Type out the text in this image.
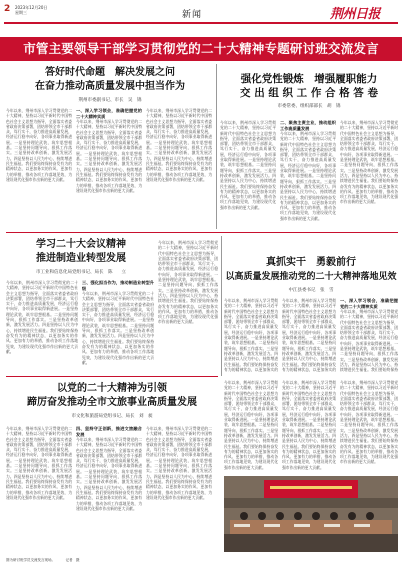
2 2023年12月20日
星期三	新闻	荆州日报
市管主要领导干部学习贯彻党的二十大精神专题研讨班交流发言
答好时代命题　解决发展之问
在奋力推动高质量发展中担当作为
荆州市委副书记、市长　吴　锦
今年以来，荆州市深入学习贯彻党的二十大精神，坚持以习近平新时代中国特色社会主义思想为指导，全面落实省委省政府决策部署，团结带领全市干部群众，笃行实干，奋力推进高质量发展，经济运行稳中向好，各项事业取得新进展。一是坚持理论武装，筑牢思想根基。二是坚持问题导向，狠抓工作落实。三是坚持改革创新，激发发展活力。四是坚持以人民为中心，持续增进民生福祉。我们要始终保持奋发有为的精神状态，以更加务实的作风、更加有力的举措，推动各项工作落地见效，为建设现代化强市作出新的更大贡献。
一、深入学习领会，准确把握党的二十大精神实质
今年以来，荆州市深入学习贯彻党的二十大精神，坚持以习近平新时代中国特色社会主义思想为指导，全面落实省委省政府决策部署，团结带领全市干部群众，笃行实干，奋力推进高质量发展，经济运行稳中向好，各项事业取得新进展。一是坚持理论武装，筑牢思想根基。二是坚持问题导向，狠抓工作落实。三是坚持改革创新，激发发展活力。四是坚持以人民为中心，持续增进民生福祉。我们要始终保持奋发有为的精神状态，以更加务实的作风、更加有力的举措，推动各项工作落地见效，为建设现代化强市作出新的更大贡献。
今年以来，荆州市深入学习贯彻党的二十大精神，坚持以习近平新时代中国特色社会主义思想为指导，全面落实省委省政府决策部署，团结带领全市干部群众，笃行实干，奋力推进高质量发展，经济运行稳中向好，各项事业取得新进展。一是坚持理论武装，筑牢思想根基。二是坚持问题导向，狠抓工作落实。三是坚持改革创新，激发发展活力。四是坚持以人民为中心，持续增进民生福祉。我们要始终保持奋发有为的精神状态，以更加务实的作风、更加有力的举措，推动各项工作落地见效，为建设现代化强市作出新的更大贡献。
强化党性锻炼　增强履职能力
交 出 组 织 工 作 合 格 答 卷
市委常委、组织部部长　胡　锦
今年以来，荆州市深入学习贯彻党的二十大精神，坚持以习近平新时代中国特色社会主义思想为指导，全面落实省委省政府决策部署，团结带领全市干部群众，笃行实干，奋力推进高质量发展，经济运行稳中向好，各项事业取得新进展。一是坚持理论武装，筑牢思想根基。二是坚持问题导向，狠抓工作落实。三是坚持改革创新，激发发展活力。四是坚持以人民为中心，持续增进民生福祉。我们要始终保持奋发有为的精神状态，以更加务实的作风、更加有力的举措，推动各项工作落地见效，为建设现代化强市作出新的更大贡献。
二、聚焦主责主业，推动组织工作高质量发展
今年以来，荆州市深入学习贯彻党的二十大精神，坚持以习近平新时代中国特色社会主义思想为指导，全面落实省委省政府决策部署，团结带领全市干部群众，笃行实干，奋力推进高质量发展，经济运行稳中向好，各项事业取得新进展。一是坚持理论武装，筑牢思想根基。二是坚持问题导向，狠抓工作落实。三是坚持改革创新，激发发展活力。四是坚持以人民为中心，持续增进民生福祉。我们要始终保持奋发有为的精神状态，以更加务实的作风、更加有力的举措，推动各项工作落地见效，为建设现代化强市作出新的更大贡献。
今年以来，荆州市深入学习贯彻党的二十大精神，坚持以习近平新时代中国特色社会主义思想为指导，全面落实省委省政府决策部署，团结带领全市干部群众，笃行实干，奋力推进高质量发展，经济运行稳中向好，各项事业取得新进展。一是坚持理论武装，筑牢思想根基。二是坚持问题导向，狠抓工作落实。三是坚持改革创新，激发发展活力。四是坚持以人民为中心，持续增进民生福祉。我们要始终保持奋发有为的精神状态，以更加务实的作风、更加有力的举措，推动各项工作落地见效，为建设现代化强市作出新的更大贡献。
学习二十大会议精神
推进制造业转型发展
市工业和信息化局党组书记、局长　陈　　立
今年以来，荆州市深入学习贯彻党的二十大精神，坚持以习近平新时代中国特色社会主义思想为指导，全面落实省委省政府决策部署，团结带领全市干部群众，笃行实干，奋力推进高质量发展，经济运行稳中向好，各项事业取得新进展。一是坚持理论武装，筑牢思想根基。二是坚持问题导向，狠抓工作落实。三是坚持改革创新，激发发展活力。四是坚持以人民为中心，持续增进民生福祉。我们要始终保持奋发有为的精神状态，以更加务实的作风、更加有力的举措，推动各项工作落地见效，为建设现代化强市作出新的更大贡献。
三、强化担当作为，推动制造业转型升级
今年以来，荆州市深入学习贯彻党的二十大精神，坚持以习近平新时代中国特色社会主义思想为指导，全面落实省委省政府决策部署，团结带领全市干部群众，笃行实干，奋力推进高质量发展，经济运行稳中向好，各项事业取得新进展。一是坚持理论武装，筑牢思想根基。二是坚持问题导向，狠抓工作落实。三是坚持改革创新，激发发展活力。四是坚持以人民为中心，持续增进民生福祉。我们要始终保持奋发有为的精神状态，以更加务实的作风、更加有力的举措，推动各项工作落地见效，为建设现代化强市作出新的更大贡献。
今年以来，荆州市深入学习贯彻党的二十大精神，坚持以习近平新时代中国特色社会主义思想为指导，全面落实省委省政府决策部署，团结带领全市干部群众，笃行实干，奋力推进高质量发展，经济运行稳中向好，各项事业取得新进展。一是坚持理论武装，筑牢思想根基。二是坚持问题导向，狠抓工作落实。三是坚持改革创新，激发发展活力。四是坚持以人民为中心，持续增进民生福祉。我们要始终保持奋发有为的精神状态，以更加务实的作风、更加有力的举措，推动各项工作落地见效，为建设现代化强市作出新的更大贡献。
真抓实干　勇毅前行
以高质量发展推动党的二十大精神落地见效
中江县委书记　张　雪
今年以来，荆州市深入学习贯彻党的二十大精神，坚持以习近平新时代中国特色社会主义思想为指导，全面落实省委省政府决策部署，团结带领全市干部群众，笃行实干，奋力推进高质量发展，经济运行稳中向好，各项事业取得新进展。一是坚持理论武装，筑牢思想根基。二是坚持问题导向，狠抓工作落实。三是坚持改革创新，激发发展活力。四是坚持以人民为中心，持续增进民生福祉。我们要始终保持奋发有为的精神状态，以更加务实的
今年以来，荆州市深入学习贯彻党的二十大精神，坚持以习近平新时代中国特色社会主义思想为指导，全面落实省委省政府决策部署，团结带领全市干部群众，笃行实干，奋力推进高质量发展，经济运行稳中向好，各项事业取得新进展。一是坚持理论武装，筑牢思想根基。二是坚持问题导向，狠抓工作落实。三是坚持改革创新，激发发展活力。四是坚持以人民为中心，持续增进民生福祉。我们要始终保持奋发有为的精神状态，以更加务实的
一、深入学习领会，准确把握党的二十大精神实质
今年以来，荆州市深入学习贯彻党的二十大精神，坚持以习近平新时代中国特色社会主义思想为指导，全面落实省委省政府决策部署，团结带领全市干部群众，笃行实干，奋力推进高质量发展，经济运行稳中向好，各项事业取得新进展。一是坚持理论武装，筑牢思想根基。二是坚持问题导向，狠抓工作落实。三是坚持改革创新，激发发展活力。四是坚持以人民为中心，持续增进民生福祉。我们要始终保持
以党的二十大精神为引领
蹄厉奋发推动全市文旅事业高质量发展
市文化和旅游局党组书记、局长　刘　昶
今年以来，荆州市深入学习贯彻党的二十大精神，坚持以习近平新时代中国特色社会主义思想为指导，全面落实省委省政府决策部署，团结带领全市干部群众，笃行实干，奋力推进高质量发展，经济运行稳中向好，各项事业取得新进展。一是坚持理论武装，筑牢思想根基。二是坚持问题导向，狠抓工作落实。三是坚持改革创新，激发发展活力。四是坚持以人民为中心，持续增进民生福祉。我们要始终保持奋发有为的精神状态，以更加务实的作风、更加有力的举措，推动各项工作落地见效，为建设现代化强市作出新的更大贡献。
四、坚持守正创新，推进文旅融合发展
今年以来，荆州市深入学习贯彻党的二十大精神，坚持以习近平新时代中国特色社会主义思想为指导，全面落实省委省政府决策部署，团结带领全市干部群众，笃行实干，奋力推进高质量发展，经济运行稳中向好，各项事业取得新进展。一是坚持理论武装，筑牢思想根基。二是坚持问题导向，狠抓工作落实。三是坚持改革创新，激发发展活力。四是坚持以人民为中心，持续增进民生福祉。我们要始终保持奋发有为的精神状态，以更加务实的作风、更加有力的举措，推动各项工作落地见效，为建设现代化强市作出新的更大贡献。
今年以来，荆州市深入学习贯彻党的二十大精神，坚持以习近平新时代中国特色社会主义思想为指导，全面落实省委省政府决策部署，团结带领全市干部群众，笃行实干，奋力推进高质量发展，经济运行稳中向好，各项事业取得新进展。一是坚持理论武装，筑牢思想根基。二是坚持问题导向，狠抓工作落实。三是坚持改革创新，激发发展活力。四是坚持以人民为中心，持续增进民生福祉。我们要始终保持奋发有为的精神状态，以更加务实的作风、更加有力的举措，推动各项工作落地见效，为建设现代化强市作出新的更大贡献。
今年以来，荆州市深入学习贯彻党的二十大精神，坚持以习近平新时代中国特色社会主义思想为指导，全面落实省委省政府决策部署，团结带领全市干部群众，笃行实干，奋力推进高质量发展，经济运行稳中向好，各项事业取得新进展。一是坚持理论武装，筑牢思想根基。二是坚持问题导向，狠抓工作落实。三是坚持改革创新，激发发展活力。四是坚持以人民为中心，持续增进民生福祉。我们要始终保持奋发有为的精神状态，以更加务实的作风、更加有力的举措，推动各项工作落地见效，为建设现代化强市作出新的更大贡献。
今年以来，荆州市深入学习贯彻党的二十大精神，坚持以习近平新时代中国特色社会主义思想为指导，全面落实省委省政府决策部署，团结带领全市干部群众，笃行实干，奋力推进高质量发展，经济运行稳中向好，各项事业取得新进展。一是坚持理论武装，筑牢思想根基。二是坚持问题导向，狠抓工作落实。三是坚持改革创新，激发发展活力。四是坚持以人民为中心，持续增进民生福祉。我们要始终保持奋发有为的精神状态，以更加务实的作风、更加有力的举措，推动各项工作落地见效，为建设现代化强市作出新的更大贡献。
今年以来，荆州市深入学习贯彻党的二十大精神，坚持以习近平新时代中国特色社会主义思想为指导，全面落实省委省政府决策部署，团结带领全市干部群众，笃行实干，奋力推进高质量发展，经济运行稳中向好，各项事业取得新进展。一是坚持理论武装，筑牢思想根基。二是坚持问题导向，狠抓工作落实。三是坚持改革创新，激发发展活力。四是坚持以人民为中心，持续增进民生福祉。我们要始终保持奋发有为的精神状态，以更加务实的作风、更加有力的举措，推动各项工作落地见效，为建设现代化强市作出新的更大贡献。
图为研讨班学员交流发言现场。　　　记者　摄
